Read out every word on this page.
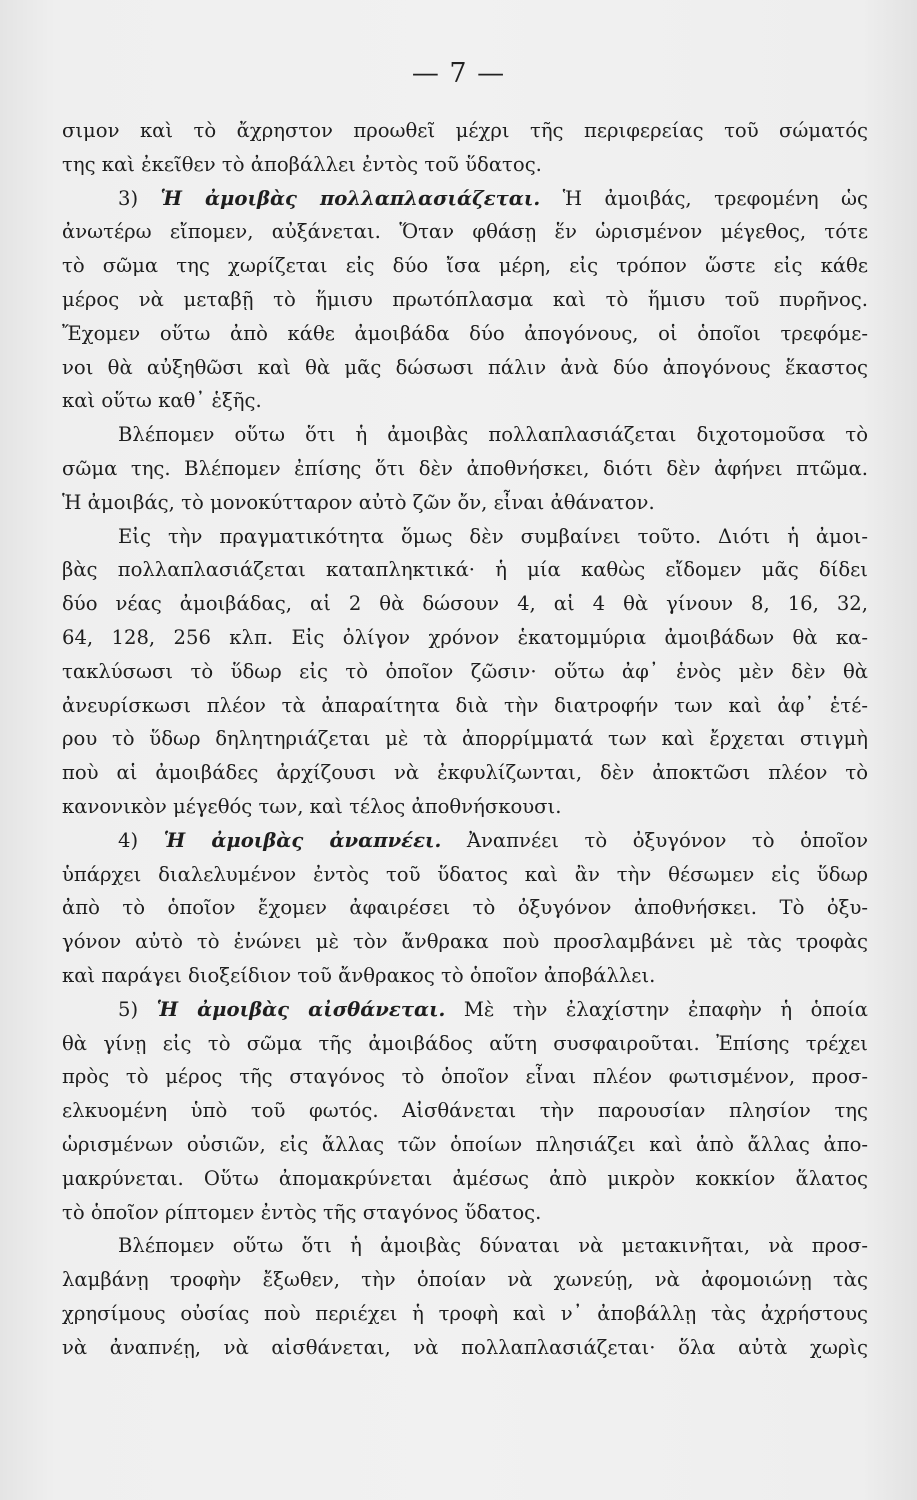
— 7 —
σιμον καὶ τὸ ἄχρηστον προωθεῖ μέχρι τῆς περιφερείας τοῦ σώματός
της καὶ ἐκεῖθεν τὸ ἀποβάλλει ἐντὸς τοῦ ὕδατος.
3) Ἡ ἀμοιβὰς πολλαπλασιάζεται. Ἡ ἀμοιβάς, τρεφομένη ὡς
ἀνωτέρω εἴπομεν, αὐξάνεται. Ὅταν φθάσῃ ἕν ὡρισμένον μέγεθος, τότε
τὸ σῶμα της χωρίζεται εἰς δύο ἴσα μέρη, εἰς τρόπον ὥστε εἰς κάθε
μέρος νὰ μεταβῇ τὸ ἥμισυ πρωτόπλασμα καὶ τὸ ἥμισυ τοῦ πυρῆνος.
Ἔχομεν οὕτω ἀπὸ κάθε ἀμοιβάδα δύο ἀπογόνους, οἱ ὁποῖοι τρεφόμε-
νοι θὰ αὐξηθῶσι καὶ θὰ μᾶς δώσωσι πάλιν ἀνὰ δύο ἀπογόνους ἕκαστος
καὶ οὕτω καθ᾽ ἑξῆς.
Βλέπομεν οὕτω ὅτι ἡ ἀμοιβὰς πολλαπλασιάζεται διχοτομοῦσα τὸ
σῶμα της. Βλέπομεν ἐπίσης ὅτι δὲν ἀποθνήσκει, διότι δὲν ἀφήνει πτῶμα.
Ἡ ἀμοιβάς, τὸ μονοκύτταρον αὐτὸ ζῶν ὄν, εἶναι ἀθάνατον.
Εἰς τὴν πραγματικότητα ὅμως δὲν συμβαίνει τοῦτο. Διότι ἡ ἀμοι-
βὰς πολλαπλασιάζεται καταπληκτικά· ἡ μία καθὼς εἴδομεν μᾶς δίδει
δύο νέας ἀμοιβάδας, αἱ 2 θὰ δώσουν 4, αἱ 4 θὰ γίνουν 8, 16, 32,
64, 128, 256 κλπ. Εἰς ὀλίγον χρόνον ἑκατομμύρια ἀμοιβάδων θὰ κα-
τακλύσωσι τὸ ὕδωρ εἰς τὸ ὁποῖον ζῶσιν· οὕτω ἀφ᾽ ἑνὸς μὲν δὲν θὰ
ἀνευρίσκωσι πλέον τὰ ἀπαραίτητα διὰ τὴν διατροφήν των καὶ ἀφ᾽ ἑτέ-
ρου τὸ ὕδωρ δηλητηριάζεται μὲ τὰ ἀπορρίμματά των καὶ ἔρχεται στιγμὴ
ποὺ αἱ ἀμοιβάδες ἀρχίζουσι νὰ ἐκφυλίζωνται, δὲν ἀποκτῶσι πλέον τὸ
κανονικὸν μέγεθός των, καὶ τέλος ἀποθνήσκουσι.
4) Ἡ ἀμοιβὰς ἀναπνέει. Ἀναπνέει τὸ ὀξυγόνον τὸ ὁποῖον
ὑπάρχει διαλελυμένον ἐντὸς τοῦ ὕδατος καὶ ἂν τὴν θέσωμεν εἰς ὕδωρ
ἀπὸ τὸ ὁποῖον ἔχομεν ἀφαιρέσει τὸ ὀξυγόνον ἀποθνήσκει. Τὸ ὀξυ-
γόνον αὐτὸ τὸ ἑνώνει μὲ τὸν ἄνθρακα ποὺ προσλαμβάνει μὲ τὰς τροφὰς
καὶ παράγει διοξείδιον τοῦ ἄνθρακος τὸ ὁποῖον ἀποβάλλει.
5) Ἡ ἀμοιβὰς αἰσθάνεται. Μὲ τὴν ἐλαχίστην ἐπαφὴν ἡ ὁποία
θὰ γίνῃ εἰς τὸ σῶμα τῆς ἀμοιβάδος αὕτη συσφαιροῦται. Ἐπίσης τρέχει
πρὸς τὸ μέρος τῆς σταγόνος τὸ ὁποῖον εἶναι πλέον φωτισμένον, προσ-
ελκυομένη ὑπὸ τοῦ φωτός. Αἰσθάνεται τὴν παρουσίαν πλησίον της
ὡρισμένων οὐσιῶν, εἰς ἄλλας τῶν ὁποίων πλησιάζει καὶ ἀπὸ ἄλλας ἀπο-
μακρύνεται. Οὕτω ἀπομακρύνεται ἀμέσως ἀπὸ μικρὸν κοκκίον ἅλατος
τὸ ὁποῖον ρίπτομεν ἐντὸς τῆς σταγόνος ὕδατος.
Βλέπομεν οὕτω ὅτι ἡ ἀμοιβὰς δύναται νὰ μετακινῆται, νὰ προσ-
λαμβάνῃ τροφὴν ἔξωθεν, τὴν ὁποίαν νὰ χωνεύῃ, νὰ ἀφομοιώνῃ τὰς
χρησίμους οὐσίας ποὺ περιέχει ἡ τροφὴ καὶ ν᾽ ἀποβάλλῃ τὰς ἀχρήστους
νὰ ἀναπνέῃ, νὰ αἰσθάνεται, νὰ πολλαπλασιάζεται· ὅλα αὐτὰ χωρὶς
